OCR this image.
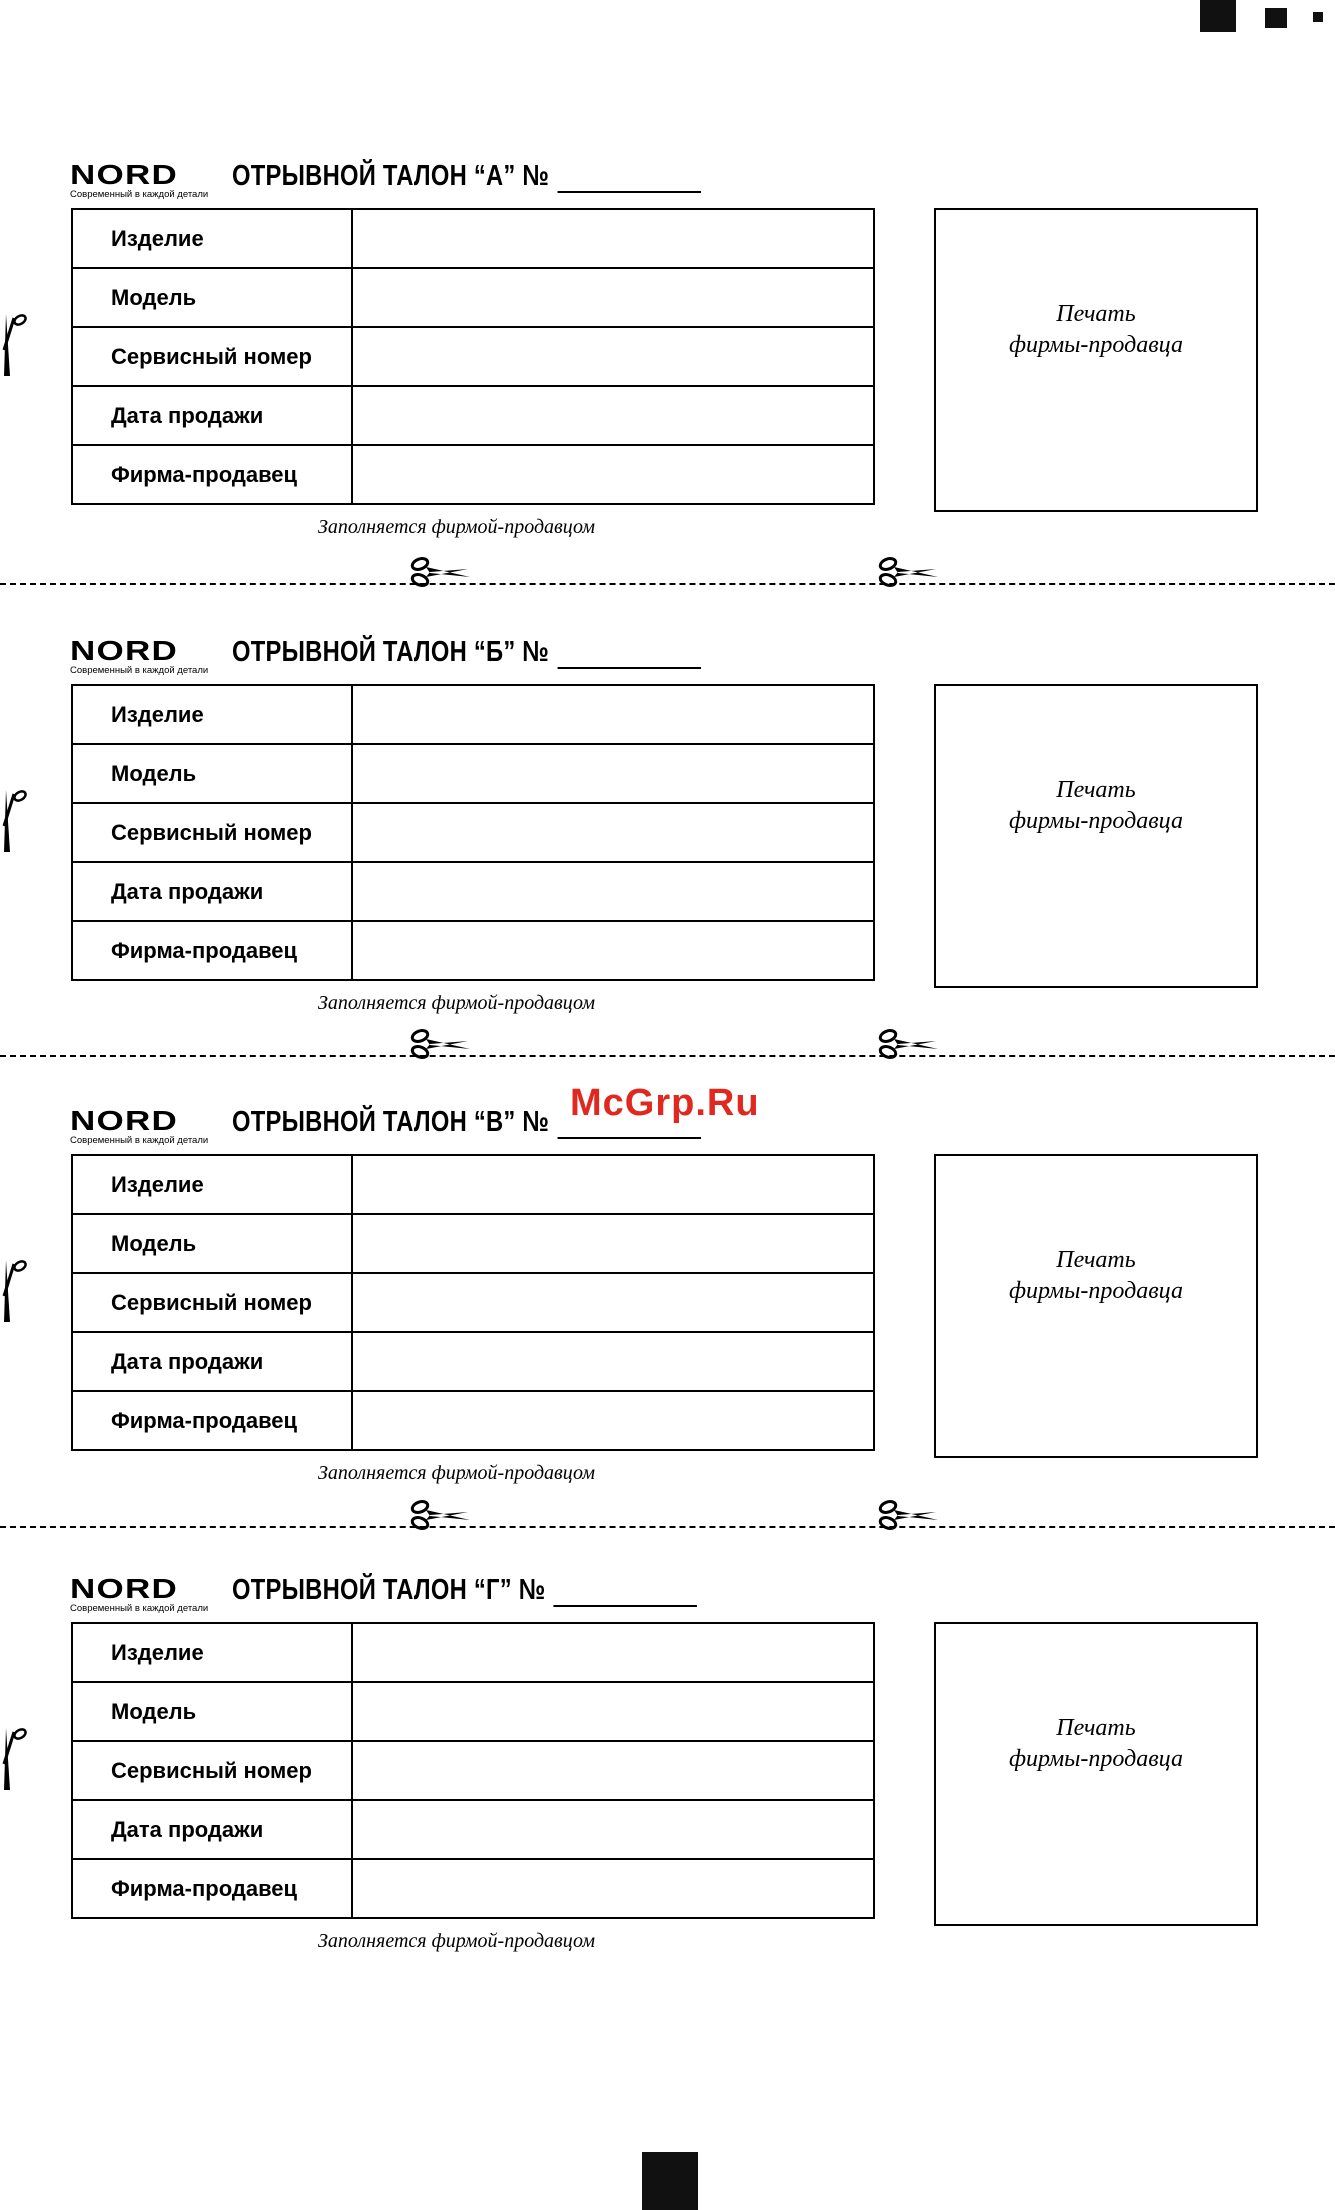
NORD
Современный в каждой детали
ОТРЫВНОЙ ТАЛОН “А” №
Изделие	
Модель	
Сервисный номер	
Дата продажи	
Фирма-продавец	
Печать
фирмы-продавца
Заполняется фирмой-продавцом
NORD
Современный в каждой детали
ОТРЫВНОЙ ТАЛОН “Б” №
Изделие	
Модель	
Сервисный номер	
Дата продажи	
Фирма-продавец	
Печать
фирмы-продавца
Заполняется фирмой-продавцом
NORD
Современный в каждой детали
ОТРЫВНОЙ ТАЛОН “В” №
Изделие	
Модель	
Сервисный номер	
Дата продажи	
Фирма-продавец	
Печать
фирмы-продавца
Заполняется фирмой-продавцом
NORD
Современный в каждой детали
ОТРЫВНОЙ ТАЛОН “Г” №
Изделие	
Модель	
Сервисный номер	
Дата продажи	
Фирма-продавец	
Печать
фирмы-продавца
Заполняется фирмой-продавцом
McGrp.Ru
